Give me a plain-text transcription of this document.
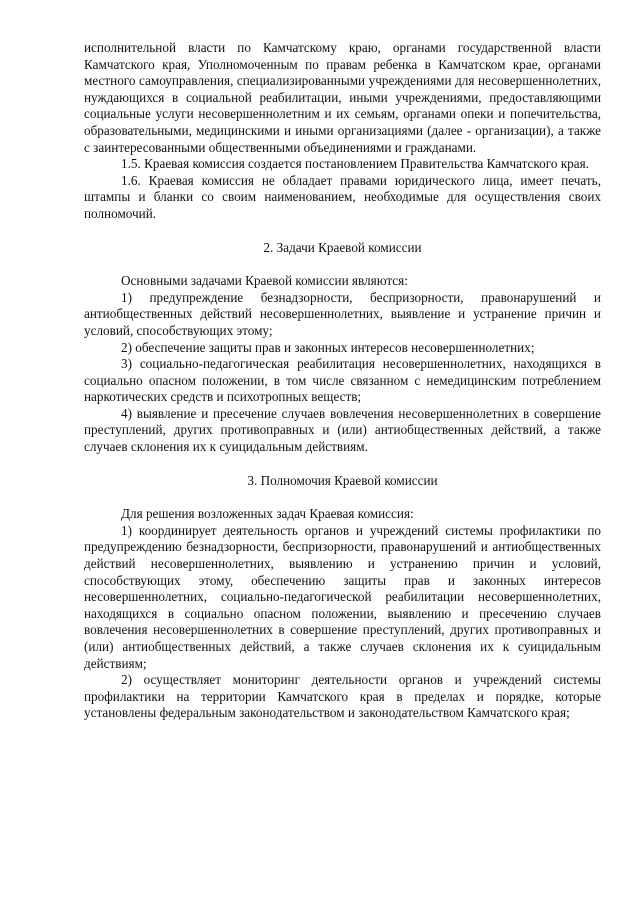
исполнительной власти по Камчатскому краю, органами государственной власти Камчатского края, Уполномоченным по правам ребенка в Камчатском крае, органами местного самоуправления, специализированными учреждениями для несовершеннолетних, нуждающихся в социальной реабилитации, иными учреждениями, предоставляющими социальные услуги несовершеннолетним и их семьям, органами опеки и попечительства, образовательными, медицинскими и иными организациями (далее - организации), а также с заинтересованными общественными объединениями и гражданами.

1.5. Краевая комиссия создается постановлением Правительства Камчатского края.

1.6. Краевая комиссия не обладает правами юридического лица, имеет печать, штампы и бланки со своим наименованием, необходимые для осуществления своих полномочий.

2. Задачи Краевой комиссии

Основными задачами Краевой комиссии являются:

1) предупреждение безнадзорности, беспризорности, правонарушений и антиобщественных действий несовершеннолетних, выявление и устранение причин и условий, способствующих этому;

2) обеспечение защиты прав и законных интересов несовершеннолетних;

3) социально-педагогическая реабилитация несовершеннолетних, находящихся в социально опасном положении, в том числе связанном с немедицинским потреблением наркотических средств и психотропных веществ;

4) выявление и пресечение случаев вовлечения несовершеннолетних в совершение преступлений, других противоправных и (или) антиобщественных действий, а также случаев склонения их к суицидальным действиям.

3. Полномочия Краевой комиссии

Для решения возложенных задач Краевая комиссия:

1) координирует деятельность органов и учреждений системы профилактики по предупреждению безнадзорности, беспризорности, правонарушений и антиобщественных действий несовершеннолетних, выявлению и устранению причин и условий, способствующих этому, обеспечению защиты прав и законных интересов несовершеннолетних, социально-педагогической реабилитации несовершеннолетних, находящихся в социально опасном положении, выявлению и пресечению случаев вовлечения несовершеннолетних в совершение преступлений, других противоправных и (или) антиобщественных действий, а также случаев склонения их к суицидальным действиям;

2) осуществляет мониторинг деятельности органов и учреждений системы профилактики на территории Камчатского края в пределах и порядке, которые установлены федеральным законодательством и законодательством Камчатского края;
